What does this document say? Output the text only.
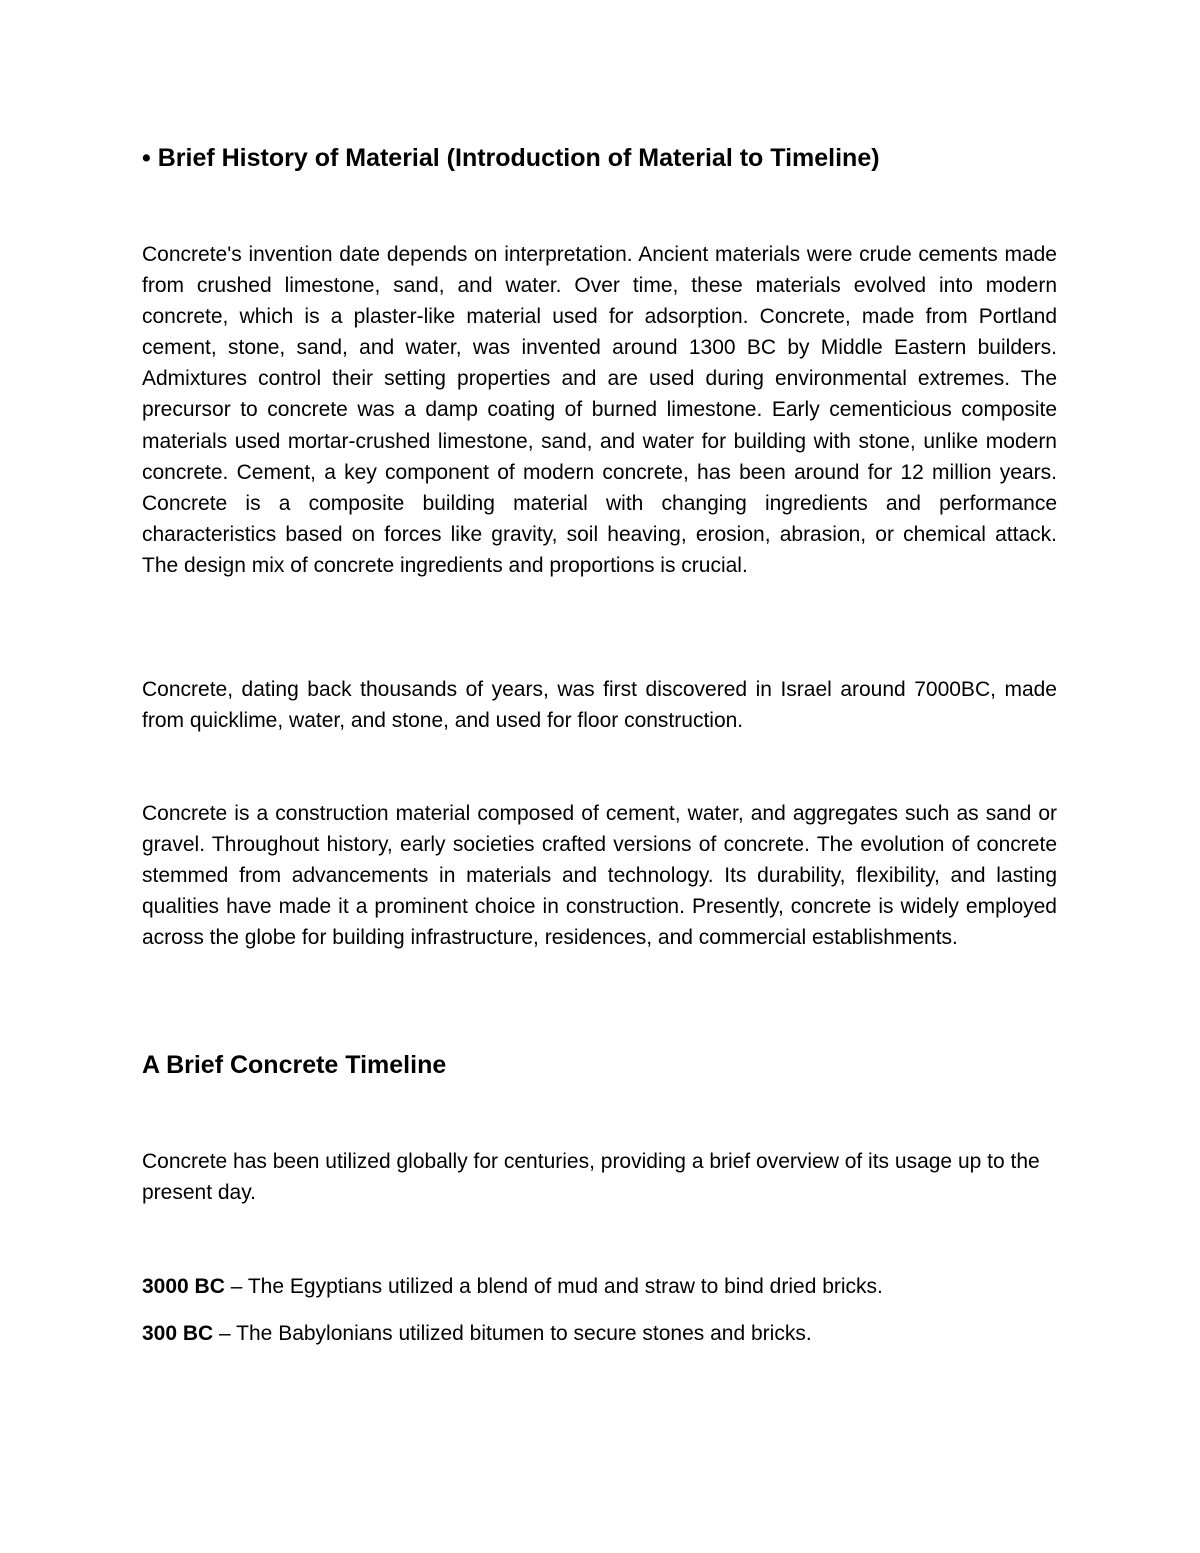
• Brief History of Material (Introduction of Material to Timeline)

Concrete's invention date depends on interpretation. Ancient materials were crude cements made from crushed limestone, sand, and water. Over time, these materials evolved into modern concrete, which is a plaster-like material used for adsorption. Concrete, made from Portland cement, stone, sand, and water, was invented around 1300 BC by Middle Eastern builders. Admixtures control their setting properties and are used during environmental extremes. The precursor to concrete was a damp coating of burned limestone. Early cementicious composite materials used mortar-crushed limestone, sand, and water for building with stone, unlike modern concrete. Cement, a key component of modern concrete, has been around for 12 million years. Concrete is a composite building material with changing ingredients and performance characteristics based on forces like gravity, soil heaving, erosion, abrasion, or chemical attack. The design mix of concrete ingredients and proportions is crucial.

Concrete, dating back thousands of years, was first discovered in Israel around 7000BC, made from quicklime, water, and stone, and used for floor construction.

Concrete is a construction material composed of cement, water, and aggregates such as sand or gravel. Throughout history, early societies crafted versions of concrete. The evolution of concrete stemmed from advancements in materials and technology. Its durability, flexibility, and lasting qualities have made it a prominent choice in construction. Presently, concrete is widely employed across the globe for building infrastructure, residences, and commercial establishments.

A Brief Concrete Timeline

Concrete has been utilized globally for centuries, providing a brief overview of its usage up to the present day.

3000 BC – The Egyptians utilized a blend of mud and straw to bind dried bricks.
300 BC – The Babylonians utilized bitumen to secure stones and bricks.
